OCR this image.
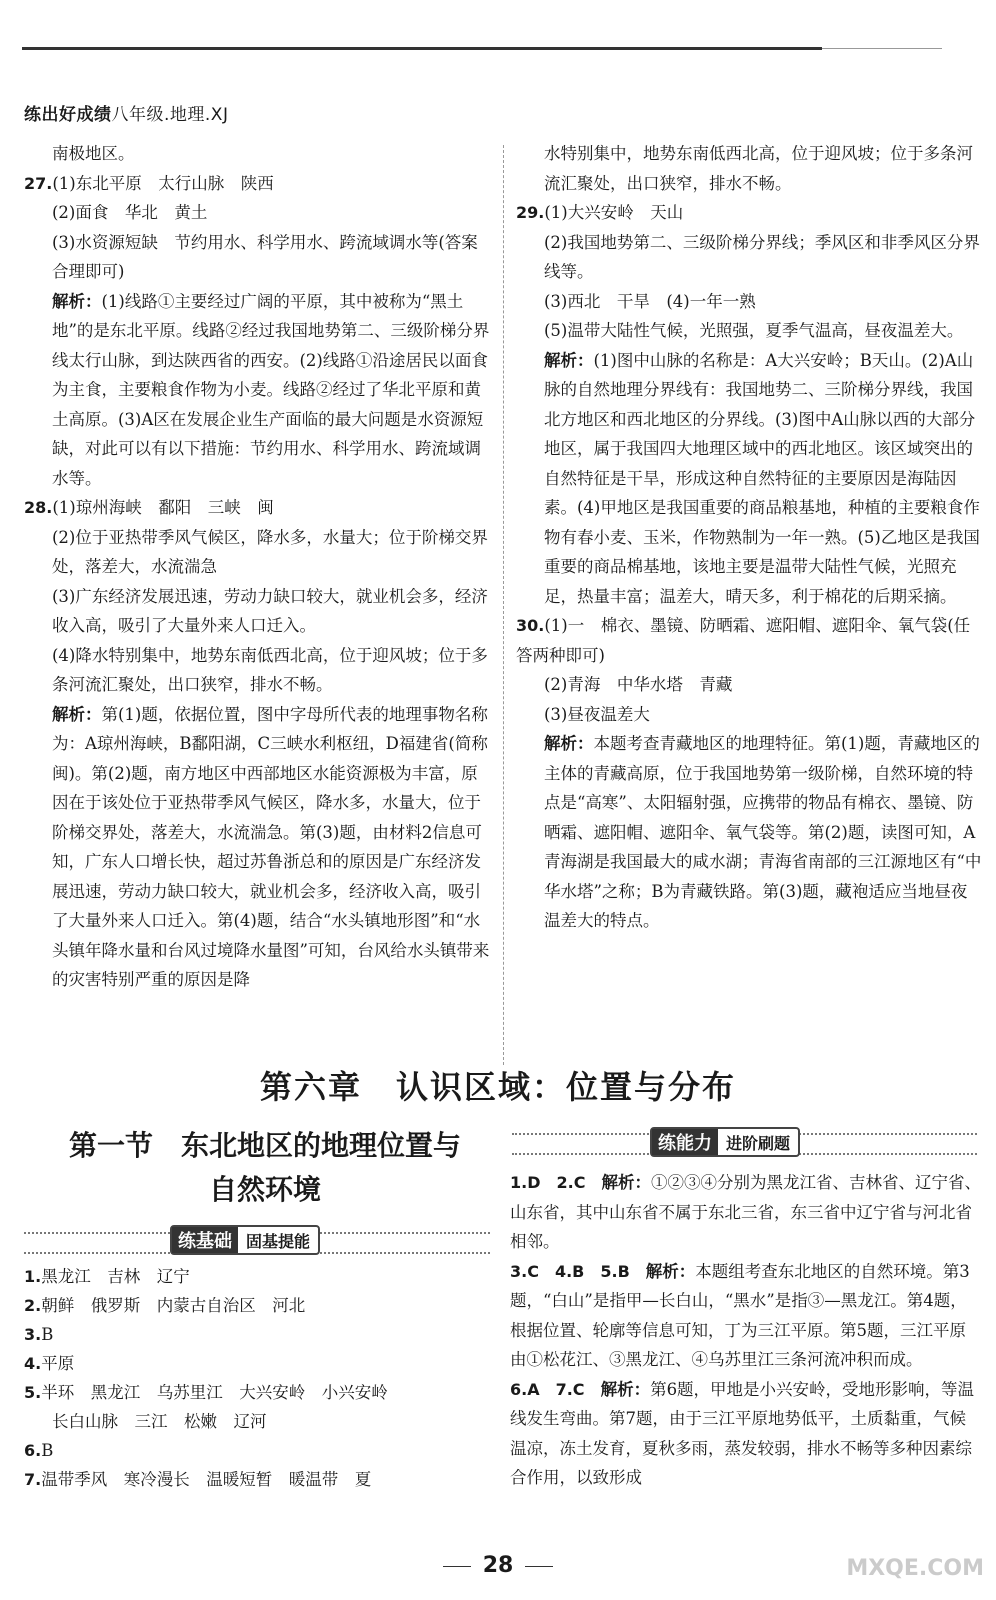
练出好成绩八年级.地理.XJ

南极地区。

27.(1)东北平原　太行山脉　陕西

(2)面食　华北　黄土

(3)水资源短缺　节约用水、科学用水、跨流域调水等(答案合理即可)

解析：(1)线路①主要经过广阔的平原，其中被称为“黑土地”的是东北平原。线路②经过我国地势第二、三级阶梯分界线太行山脉，到达陕西省的西安。(2)线路①沿途居民以面食为主食，主要粮食作物为小麦。线路②经过了华北平原和黄土高原。(3)A区在发展企业生产面临的最大问题是水资源短缺，对此可以有以下措施：节约用水、科学用水、跨流域调水等。

28.(1)琼州海峡　鄱阳　三峡　闽

(2)位于亚热带季风气候区，降水多，水量大；位于阶梯交界处，落差大，水流湍急

(3)广东经济发展迅速，劳动力缺口较大，就业机会多，经济收入高，吸引了大量外来人口迁入。

(4)降水特别集中，地势东南低西北高，位于迎风坡；位于多条河流汇聚处，出口狭窄，排水不畅。

解析：第(1)题，依据位置，图中字母所代表的地理事物名称为：A琼州海峡，B鄱阳湖，C三峡水利枢纽，D福建省(简称闽)。第(2)题，南方地区中西部地区水能资源极为丰富，原因在于该处位于亚热带季风气候区，降水多，水量大，位于阶梯交界处，落差大，水流湍急。第(3)题，由材料2信息可知，广东人口增长快，超过苏鲁浙总和的原因是广东经济发展迅速，劳动力缺口较大，就业机会多，经济收入高，吸引了大量外来人口迁入。第(4)题，结合“水头镇地形图”和“水头镇年降水量和台风过境降水量图”可知，台风给水头镇带来的灾害特别严重的原因是降

水特别集中，地势东南低西北高，位于迎风坡；位于多条河流汇聚处，出口狭窄，排水不畅。

29.(1)大兴安岭　天山

(2)我国地势第二、三级阶梯分界线；季风区和非季风区分界线等。

(3)西北　干旱　(4)一年一熟

(5)温带大陆性气候，光照强，夏季气温高，昼夜温差大。

解析：(1)图中山脉的名称是：A大兴安岭；B天山。(2)A山脉的自然地理分界线有：我国地势二、三阶梯分界线，我国北方地区和西北地区的分界线。(3)图中A山脉以西的大部分地区，属于我国四大地理区域中的西北地区。该区域突出的自然特征是干旱，形成这种自然特征的主要原因是海陆因素。(4)甲地区是我国重要的商品粮基地，种植的主要粮食作物有春小麦、玉米，作物熟制为一年一熟。(5)乙地区是我国重要的商品棉基地，该地主要是温带大陆性气候，光照充足，热量丰富；温差大，晴天多，利于棉花的后期采摘。

30.(1)一　棉衣、墨镜、防晒霜、遮阳帽、遮阳伞、氧气袋(任答两种即可)

(2)青海　中华水塔　青藏

(3)昼夜温差大

解析：本题考查青藏地区的地理特征。第(1)题，青藏地区的主体的青藏高原，位于我国地势第一级阶梯，自然环境的特点是“高寒”、太阳辐射强，应携带的物品有棉衣、墨镜、防晒霜、遮阳帽、遮阳伞、氧气袋等。第(2)题，读图可知，A青海湖是我国最大的咸水湖；青海省南部的三江源地区有“中华水塔”之称；B为青藏铁路。第(3)题，藏袍适应当地昼夜温差大的特点。

第六章　认识区域：位置与分布
第一节　东北地区的地理位置与
自然环境
练基础 固基提能
练能力 进阶刷题

1.黑龙江　吉林　辽宁

2.朝鲜　俄罗斯　内蒙古自治区　河北

3.B

4.平原

5.半环　黑龙江　乌苏里江　大兴安岭　小兴安岭

长白山脉　三江　松嫩　辽河

6.B

7.温带季风　寒冷漫长　温暖短暂　暖温带　夏

1.D　2.C　解析：①②③④分别为黑龙江省、吉林省、辽宁省、山东省，其中山东省不属于东北三省，东三省中辽宁省与河北省相邻。

3.C　4.B　5.B　解析：本题组考查东北地区的自然环境。第3题，“白山”是指甲—长白山，“黑水”是指③—黑龙江。第4题，根据位置、轮廓等信息可知，丁为三江平原。第5题，三江平原由①松花江、③黑龙江、④乌苏里江三条河流冲积而成。

6.A　7.C　解析：第6题，甲地是小兴安岭，受地形影响，等温线发生弯曲。第7题，由于三江平原地势低平，土质黏重，气候温凉，冻土发育，夏秋多雨，蒸发较弱，排水不畅等多种因素综合作用，以致形成

28	MXQE.COM
